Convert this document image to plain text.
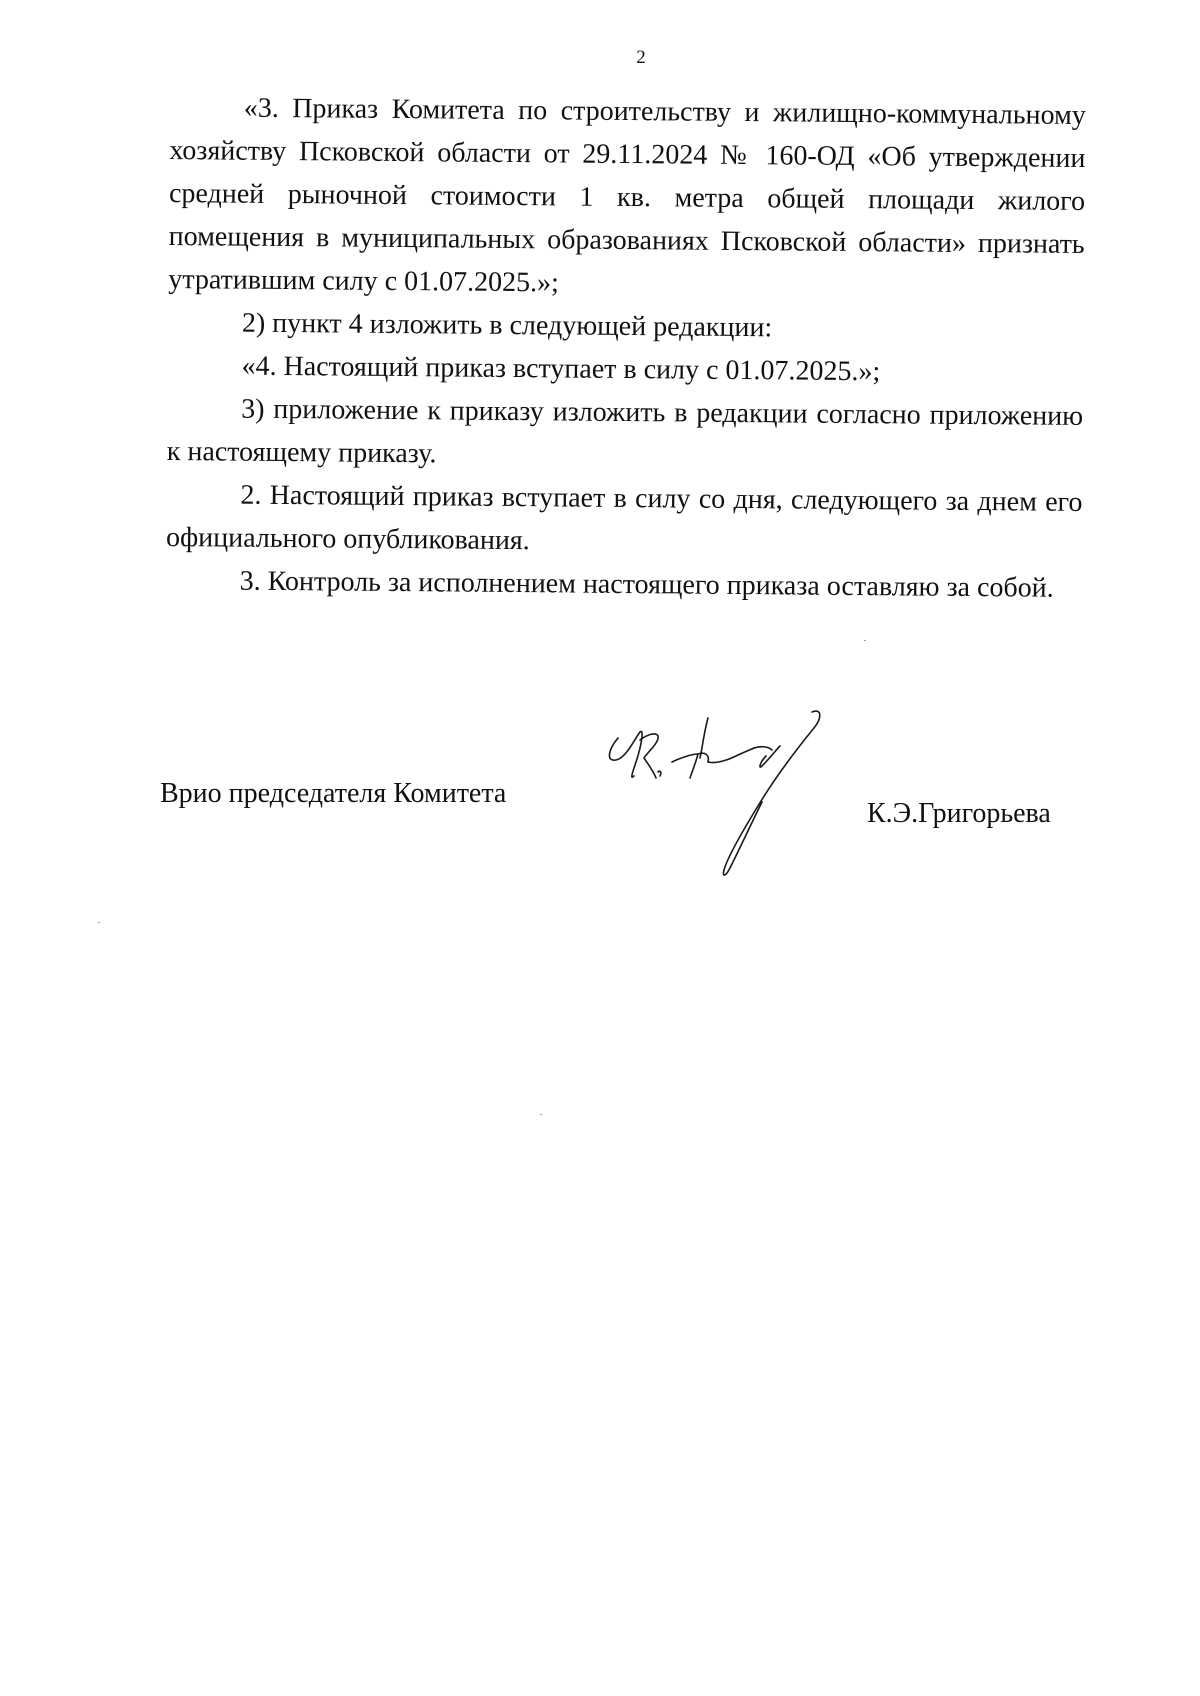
2

«3. Приказ Комитета по строительству и жилищно-коммунальному хозяйству Псковской области от 29.11.2024 № 160-ОД «Об утверждении средней рыночной стоимости 1 кв. метра общей площади жилого помещения в муниципальных образованиях Псковской области» признать утратившим силу с 01.07.2025.»;

2) пункт 4 изложить в следующей редакции:

«4. Настоящий приказ вступает в силу с 01.07.2025.»;

3) приложение к приказу изложить в редакции согласно приложению к настоящему приказу.

2. Настоящий приказ вступает в силу со дня, следующего за днем его официального опубликования.

3. Контроль за исполнением настоящего приказа оставляю за собой.

Врио председателя Комитета
К.Э.Григорьева
